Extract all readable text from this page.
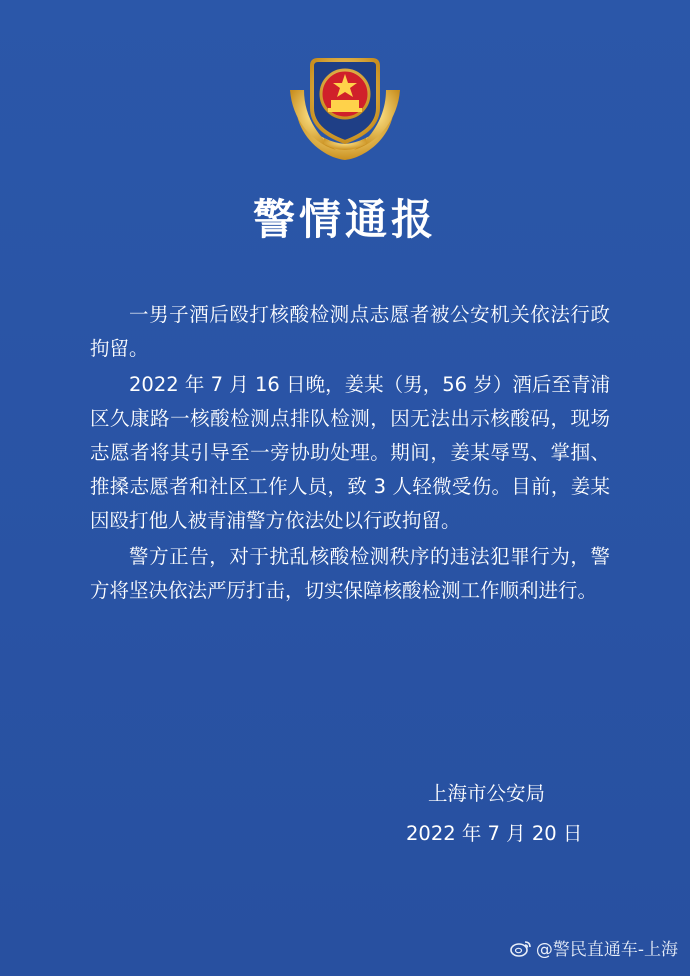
警情通报

一男子酒后殴打核酸检测点志愿者被公安机关依法行政拘留。

2022 年 7 月 16 日晚，姜某（男，56 岁）酒后至青浦区久康路一核酸检测点排队检测，因无法出示核酸码，现场志愿者将其引导至一旁协助处理。期间，姜某辱骂、掌掴、推搡志愿者和社区工作人员，致 3 人轻微受伤。目前，姜某因殴打他人被青浦警方依法处以行政拘留。

警方正告，对于扰乱核酸检测秩序的违法犯罪行为，警方将坚决依法严厉打击，切实保障核酸检测工作顺利进行。

上海市公安局
2022 年 7 月 20 日
@警民直通车-上海
